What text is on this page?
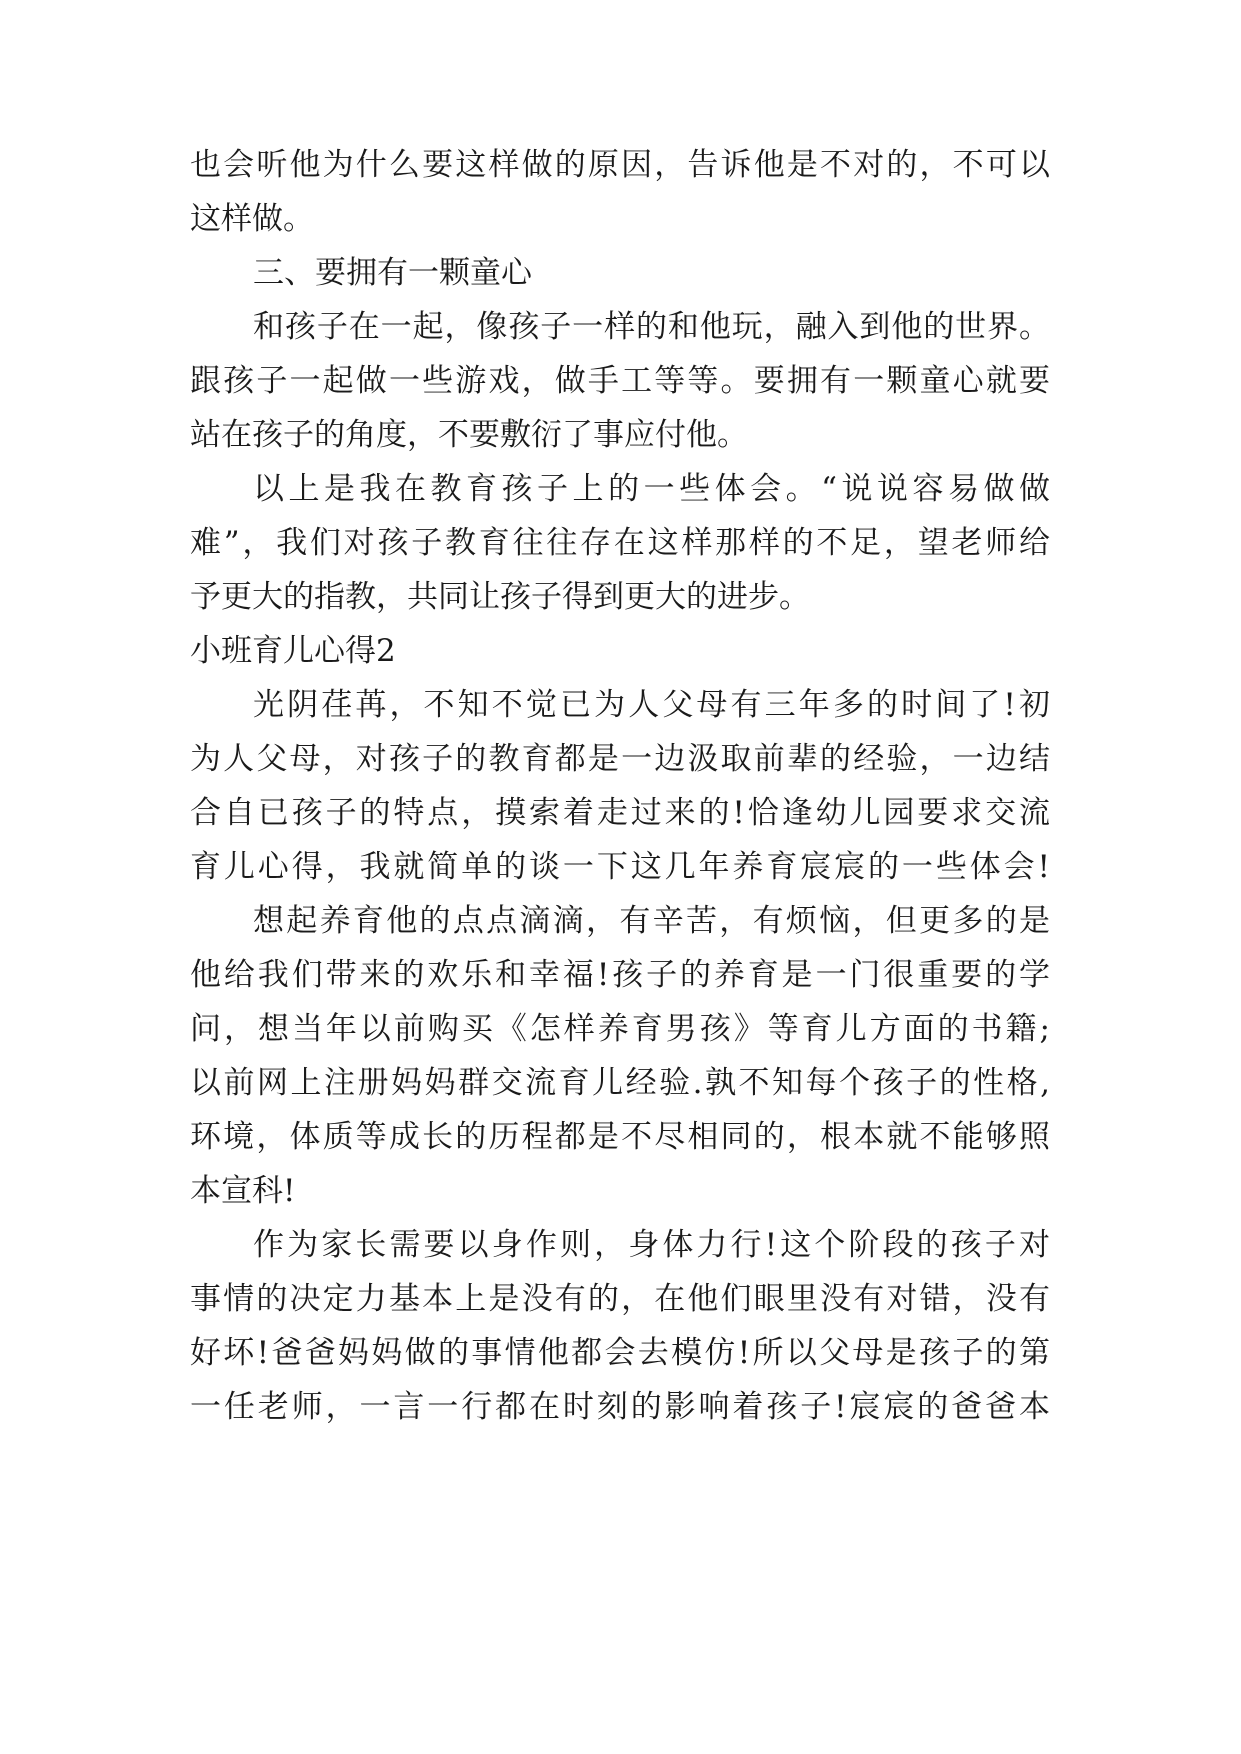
也会听他为什么要这样做的原因，告诉他是不对的，不可以
这样做。
三、要拥有一颗童心
和孩子在一起，像孩子一样的和他玩，融入到他的世界。
跟孩子一起做一些游戏，做手工等等。要拥有一颗童心就要
站在孩子的角度，不要敷衍了事应付他。
以上是我在教育孩子上的一些体会。“说说容易做做
难”，我们对孩子教育往往存在这样那样的不足，望老师给
予更大的指教，共同让孩子得到更大的进步。
小班育儿心得2
光阴荏苒，不知不觉已为人父母有三年多的时间了!初
为人父母，对孩子的教育都是一边汲取前辈的经验，一边结
合自已孩子的特点，摸索着走过来的!恰逢幼儿园要求交流
育儿心得，我就简单的谈一下这几年养育宸宸的一些体会!
想起养育他的点点滴滴，有辛苦，有烦恼，但更多的是
他给我们带来的欢乐和幸福!孩子的养育是一门很重要的学
问，想当年以前购买《怎样养育男孩》等育儿方面的书籍;
以前网上注册妈妈群交流育儿经验.孰不知每个孩子的性格,
环境，体质等成长的历程都是不尽相同的，根本就不能够照
本宣科!
作为家长需要以身作则，身体力行!这个阶段的孩子对
事情的决定力基本上是没有的，在他们眼里没有对错，没有
好坏!爸爸妈妈做的事情他都会去模仿!所以父母是孩子的第
一任老师，一言一行都在时刻的影响着孩子!宸宸的爸爸本
